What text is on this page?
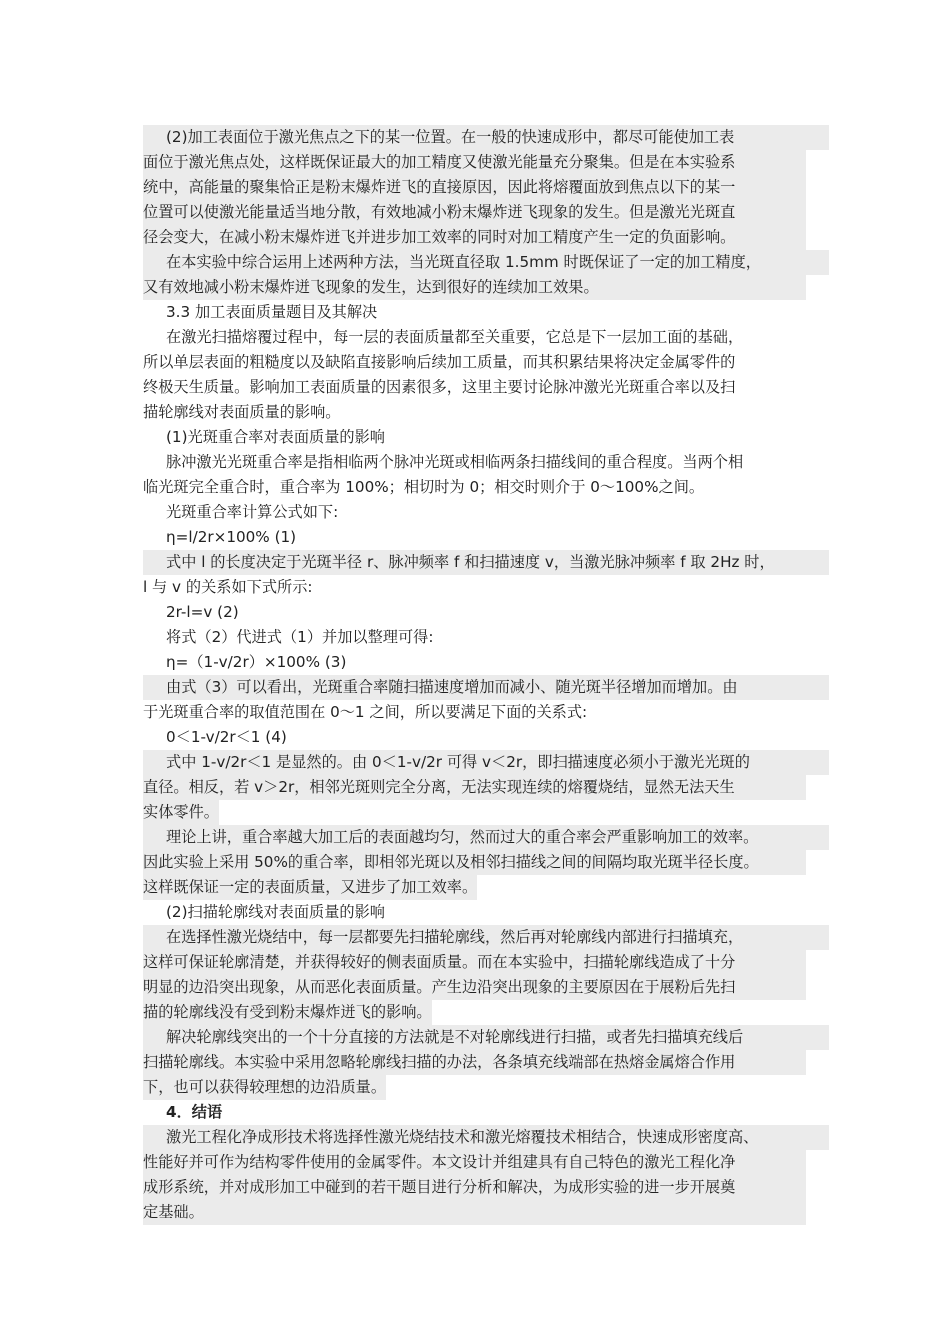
(2)加工表面位于激光焦点之下的某一位置。在一般的快速成形中，都尽可能使加工表
面位于激光焦点处，这样既保证最大的加工精度又使激光能量充分聚集。但是在本实验系
统中，高能量的聚集恰正是粉末爆炸迸飞的直接原因，因此将熔覆面放到焦点以下的某一
位置可以使激光能量适当地分散，有效地减小粉末爆炸迸飞现象的发生。但是激光光斑直
径会变大，在减小粉末爆炸迸飞并进步加工效率的同时对加工精度产生一定的负面影响。
在本实验中综合运用上述两种方法，当光斑直径取 1.5mm 时既保证了一定的加工精度，
又有效地减小粉末爆炸迸飞现象的发生，达到很好的连续加工效果。
3.3 加工表面质量题目及其解决
在激光扫描熔覆过程中，每一层的表面质量都至关重要，它总是下一层加工面的基础，
所以单层表面的粗糙度以及缺陷直接影响后续加工质量，而其积累结果将决定金属零件的
终极天生质量。影响加工表面质量的因素很多，这里主要讨论脉冲激光光斑重合率以及扫
描轮廓线对表面质量的影响。
(1)光斑重合率对表面质量的影响
脉冲激光光斑重合率是指相临两个脉冲光斑或相临两条扫描线间的重合程度。当两个相
临光斑完全重合时，重合率为 100%；相切时为 0；相交时则介于 0～100%之间。
光斑重合率计算公式如下:
η=l/2r×100% (1)
式中 l 的长度决定于光斑半径 r、脉冲频率 f 和扫描速度 v，当激光脉冲频率 f 取 2Hz 时，
l 与 v 的关系如下式所示:
2r-l=v (2)
将式（2）代进式（1）并加以整理可得:
η=（1-v/2r）×100% (3)
由式（3）可以看出，光斑重合率随扫描速度增加而减小、随光斑半径增加而增加。由
于光斑重合率的取值范围在 0～1 之间，所以要满足下面的关系式:
0＜1-v/2r＜1 (4)
式中 1-v/2r＜1 是显然的。由 0＜1-v/2r 可得 v＜2r，即扫描速度必须小于激光光斑的
直径。相反，若 v＞2r，相邻光斑则完全分离，无法实现连续的熔覆烧结，显然无法天生
实体零件。
理论上讲，重合率越大加工后的表面越均匀，然而过大的重合率会严重影响加工的效率。
因此实验上采用 50%的重合率，即相邻光斑以及相邻扫描线之间的间隔均取光斑半径长度。
这样既保证一定的表面质量，又进步了加工效率。
(2)扫描轮廓线对表面质量的影响
在选择性激光烧结中，每一层都要先扫描轮廓线，然后再对轮廓线内部进行扫描填充，
这样可保证轮廓清楚，并获得较好的侧表面质量。而在本实验中，扫描轮廓线造成了十分
明显的边沿突出现象，从而恶化表面质量。产生边沿突出现象的主要原因在于展粉后先扫
描的轮廓线没有受到粉末爆炸迸飞的影响。
解决轮廓线突出的一个十分直接的方法就是不对轮廓线进行扫描，或者先扫描填充线后
扫描轮廓线。本实验中采用忽略轮廓线扫描的办法，各条填充线端部在热熔金属熔合作用
下，也可以获得较理想的边沿质量。
4．结语
激光工程化净成形技术将选择性激光烧结技术和激光熔覆技术相结合，快速成形密度高、
性能好并可作为结构零件使用的金属零件。本文设计并组建具有自己特色的激光工程化净
成形系统，并对成形加工中碰到的若干题目进行分析和解决，为成形实验的进一步开展奠
定基础。
